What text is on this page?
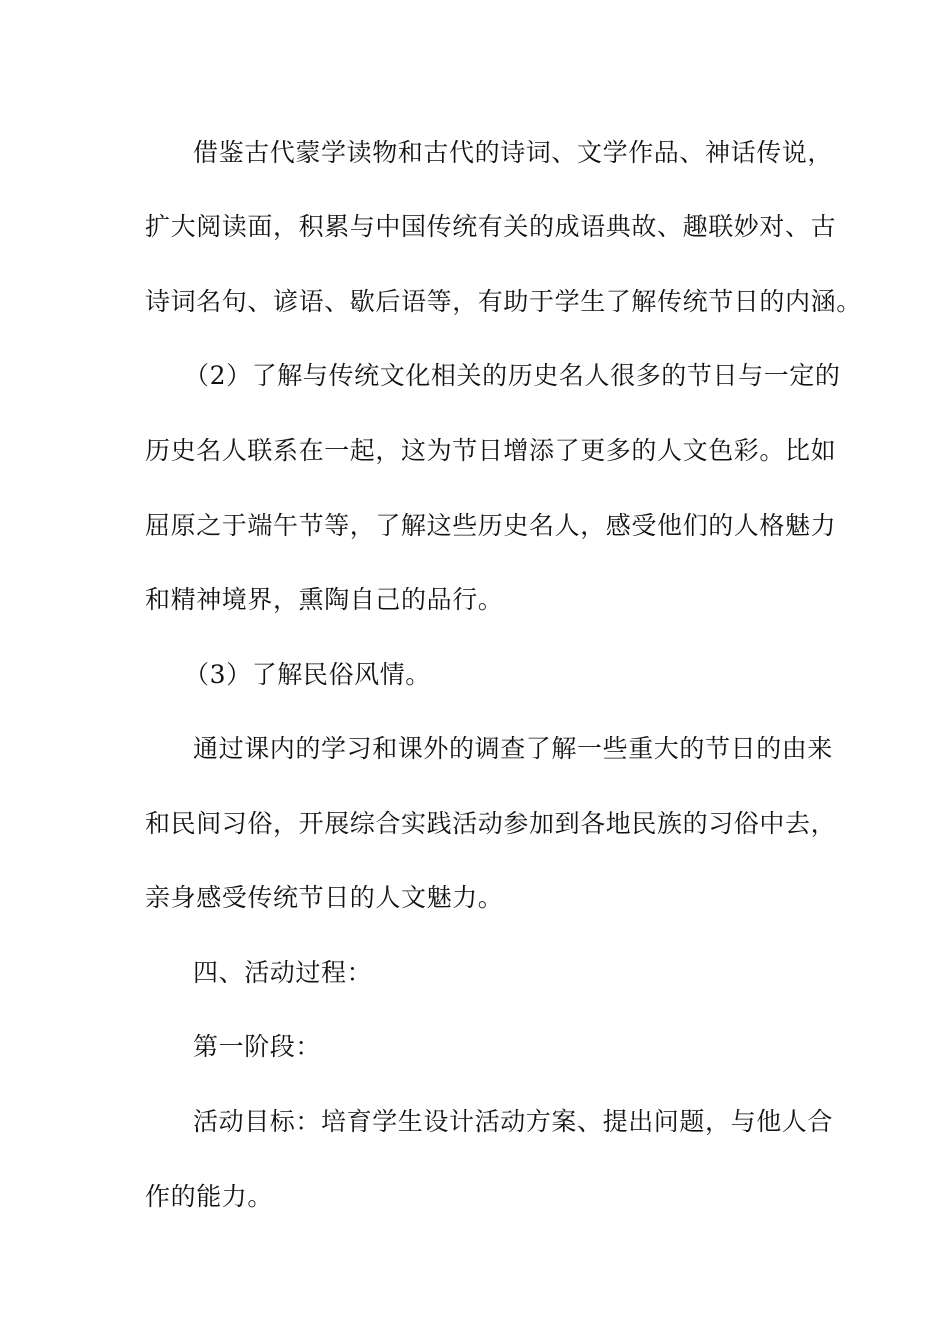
借鉴古代蒙学读物和古代的诗词、文学作品、神话传说，
扩大阅读面，积累与中国传统有关的成语典故、趣联妙对、古
诗词名句、谚语、歇后语等，有助于学生了解传统节日的内涵。
（2）了解与传统文化相关的历史名人很多的节日与一定的
历史名人联系在一起，这为节日增添了更多的人文色彩。比如
屈原之于端午节等，了解这些历史名人，感受他们的人格魅力
和精神境界，熏陶自己的品行。
（3）了解民俗风情。
通过课内的学习和课外的调查了解一些重大的节日的由来
和民间习俗，开展综合实践活动参加到各地民族的习俗中去，
亲身感受传统节日的人文魅力。
四、活动过程：
第一阶段：
活动目标：培育学生设计活动方案、提出问题，与他人合
作的能力。
